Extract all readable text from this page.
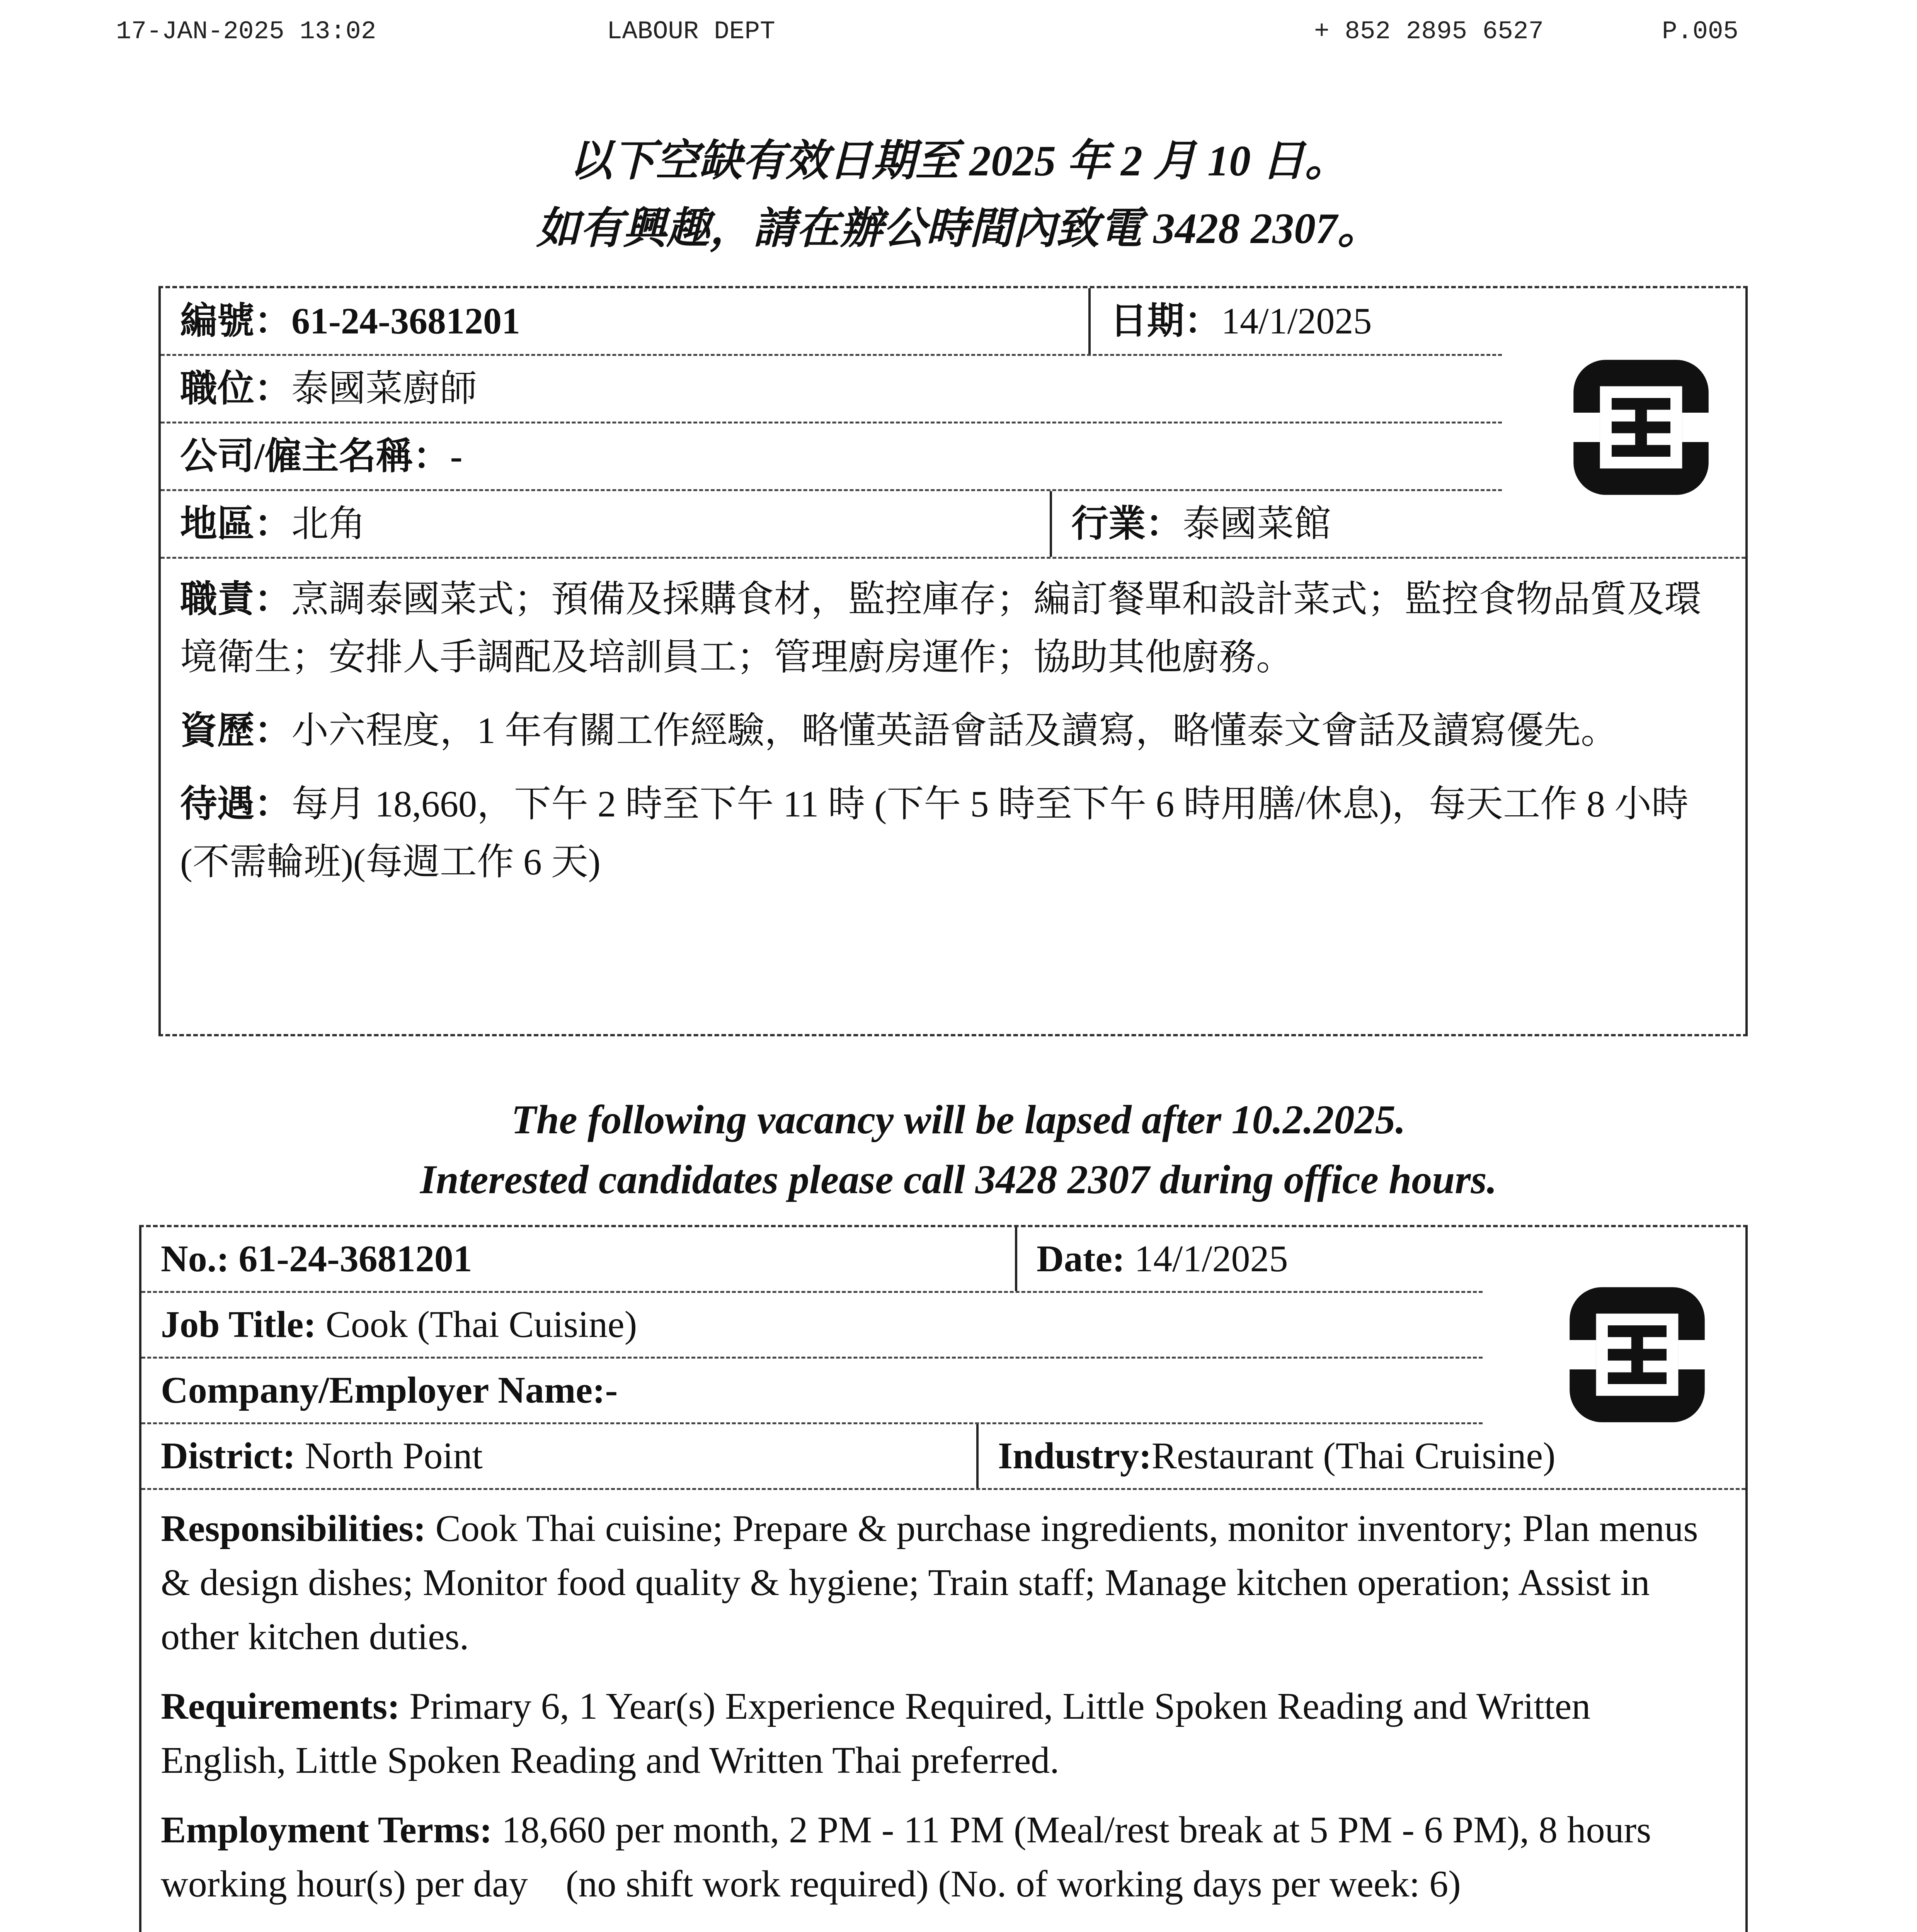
17-JAN-2025 13:02	LABOUR DEPT	+ 852 2895 6527	P.005
以下空缺有效日期至 2025 年 2 月 10 日。
如有興趣，請在辦公時間內致電 3428 2307。
編號：61-24-3681201	日期：14/1/2025
職位：泰國菜廚師
公司/僱主名稱：-
地區：北角	行業：泰國菜館
職責：烹調泰國菜式；預備及採購食材，監控庫存；編訂餐單和設計菜式；監控食物品質及環境衛生；安排人手調配及培訓員工；管理廚房運作；協助其他廚務。
資歷：小六程度，1 年有關工作經驗，略懂英語會話及讀寫，略懂泰文會話及讀寫優先。
待遇：每月 18,660，下午 2 時至下午 11 時 (下午 5 時至下午 6 時用膳/休息)，每天工作 8 小時　(不需輪班)(每週工作 6 天)
The following vacancy will be lapsed after 10.2.2025.
Interested candidates please call 3428 2307 during office hours.
No.: 61-24-3681201	Date: 14/1/2025
Job Title: Cook (Thai Cuisine)
Company/Employer Name:-
District: North Point	Industry:Restaurant (Thai Cruisine)
Responsibilities: Cook Thai cuisine; Prepare & purchase ingredients, monitor inventory; Plan menus & design dishes; Monitor food quality & hygiene; Train staff; Manage kitchen operation; Assist in other kitchen duties.
Requirements: Primary 6, 1 Year(s) Experience Required, Little Spoken Reading and Written English, Little Spoken Reading and Written Thai preferred.
Employment Terms: 18,660 per month, 2 PM - 11 PM (Meal/rest break at 5 PM - 6 PM), 8 hours working hour(s) per day　(no shift work required) (No. of working days per week: 6)
